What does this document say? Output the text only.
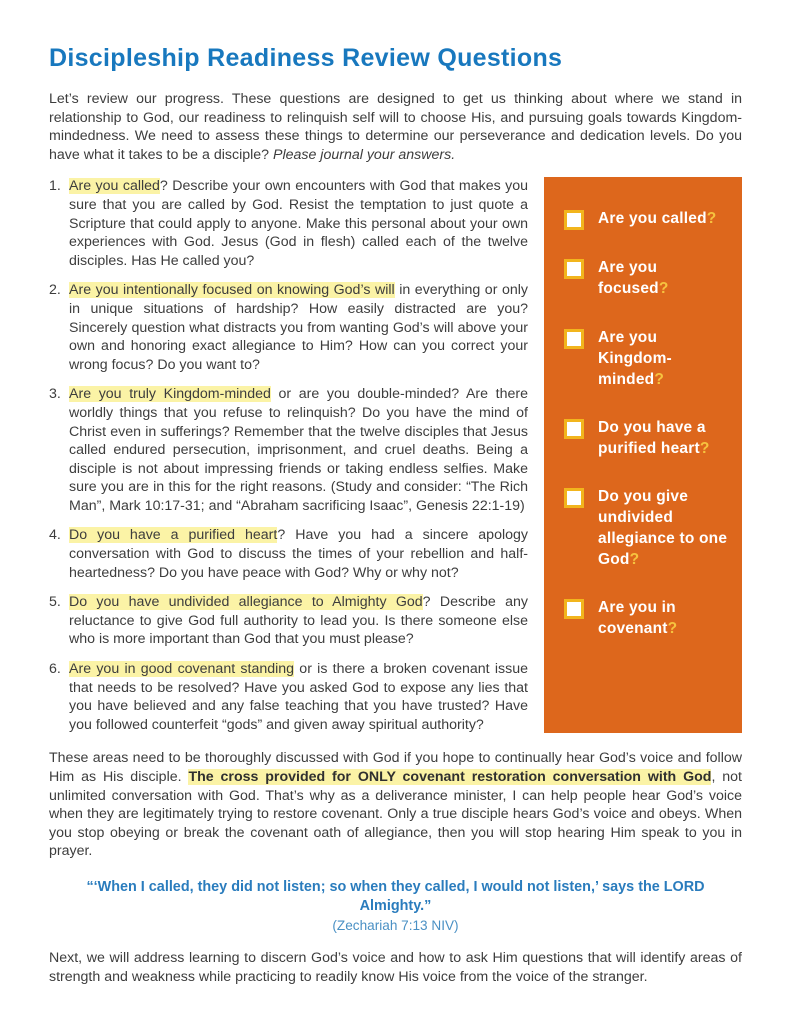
Discipleship Readiness Review Questions

Let’s review our progress. These questions are designed to get us thinking about where we stand in relationship to God, our readiness to relinquish self will to choose His, and pursuing goals towards Kingdom-mindedness. We need to assess these things to determine our perseverance and dedication levels. Do you have what it takes to be a disciple? Please journal your answers.

1. Are you called? Describe your own encounters with God that makes you sure that you are called by God. Resist the temptation to just quote a Scripture that could apply to anyone. Make this personal about your own experiences with God. Jesus (God in flesh) called each of the twelve disciples. Has He called you?
2. Are you intentionally focused on knowing God’s will in everything or only in unique situations of hardship? How easily distracted are you? Sincerely question what distracts you from wanting God’s will above your own and honoring exact allegiance to Him? How can you correct your wrong focus? Do you want to?
3. Are you truly Kingdom-minded or are you double-minded? Are there worldly things that you refuse to relinquish? Do you have the mind of Christ even in sufferings? Remember that the twelve disciples that Jesus called endured persecution, imprisonment, and cruel deaths. Being a disciple is not about impressing friends or taking endless selfies. Make sure you are in this for the right reasons. (Study and consider: “The Rich Man”, Mark 10:17-31; and “Abraham sacrificing Isaac”, Genesis 22:1-19)
4. Do you have a purified heart? Have you had a sincere apology conversation with God to discuss the times of your rebellion and half-heartedness? Do you have peace with God? Why or why not?
5. Do you have undivided allegiance to Almighty God? Describe any reluctance to give God full authority to lead you. Is there someone else who is more important than God that you must please?
6. Are you in good covenant standing or is there a broken covenant issue that needs to be resolved? Have you asked God to expose any lies that you have believed and any false teaching that you have trusted? Have you followed counterfeit “gods” and given away spiritual authority?
Are you called?
Are you focused?
Are you Kingdom-minded?
Do you have a purified heart?
Do you give undivided allegiance to one God?
Are you in covenant?

These areas need to be thoroughly discussed with God if you hope to continually hear God’s voice and follow Him as His disciple. The cross provided for ONLY covenant restoration conversation with God, not unlimited conversation with God. That’s why as a deliverance minister, I can help people hear God’s voice when they are legitimately trying to restore covenant. Only a true disciple hears God’s voice and obeys. When you stop obeying or break the covenant oath of allegiance, then you will stop hearing Him speak to you in prayer.

“‘When I called, they did not listen; so when they called, I would not listen,’ says the LORD Almighty.”

(Zechariah 7:13 NIV)

Next, we will address learning to discern God’s voice and how to ask Him questions that will identify areas of strength and weakness while practicing to readily know His voice from the voice of the stranger.
